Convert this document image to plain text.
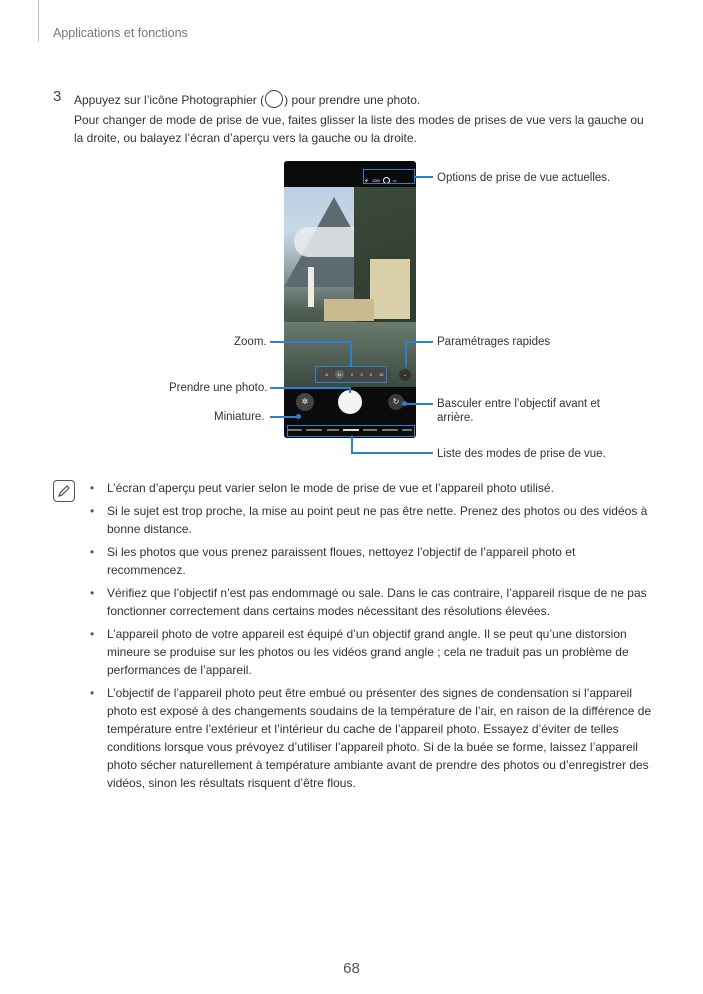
Applications et fonctions
3 Appuyez sur l’icône Photographier ( ) pour prendre une photo.
Pour changer de mode de prise de vue, faites glisser la liste des modes de prises de vue vers la gauche ou la droite, ou balayez l’écran d’aperçu vers la gauche ou la droite.
⚡ 12M	▭
.6	1x	2 3 5 10	⌄
✲	↻
Options de prise de vue actuelles.
Zoom.	Paramétrages rapides
Prendre une photo.
Miniature.
Basculer entre l’objectif avant et arrière.
Liste des modes de prise de vue.
• L’écran d’aperçu peut varier selon le mode de prise de vue et l’appareil photo utilisé.
• Si le sujet est trop proche, la mise au point peut ne pas être nette. Prenez des photos ou des vidéos à bonne distance.
• Si les photos que vous prenez paraissent floues, nettoyez l’objectif de l’appareil photo et recommencez.
• Vérifiez que l’objectif n’est pas endommagé ou sale. Dans le cas contraire, l’appareil risque de ne pas fonctionner correctement dans certains modes nécessitant des résolutions élevées.
• L’appareil photo de votre appareil est équipé d’un objectif grand angle. Il se peut qu’une distorsion mineure se produise sur les photos ou les vidéos grand angle ; cela ne traduit pas un problème de performances de l’appareil.
• L’objectif de l’appareil photo peut être embué ou présenter des signes de condensation si l’appareil photo est exposé à des changements soudains de la température de l’air, en raison de la différence de température entre l’extérieur et l’intérieur du cache de l’appareil photo. Essayez d’éviter de telles conditions lorsque vous prévoyez d’utiliser l’appareil photo. Si de la buée se forme, laissez l’appareil photo sécher naturellement à température ambiante avant de prendre des photos ou d’enregistrer des vidéos, sinon les résultats risquent d’être flous.
68
